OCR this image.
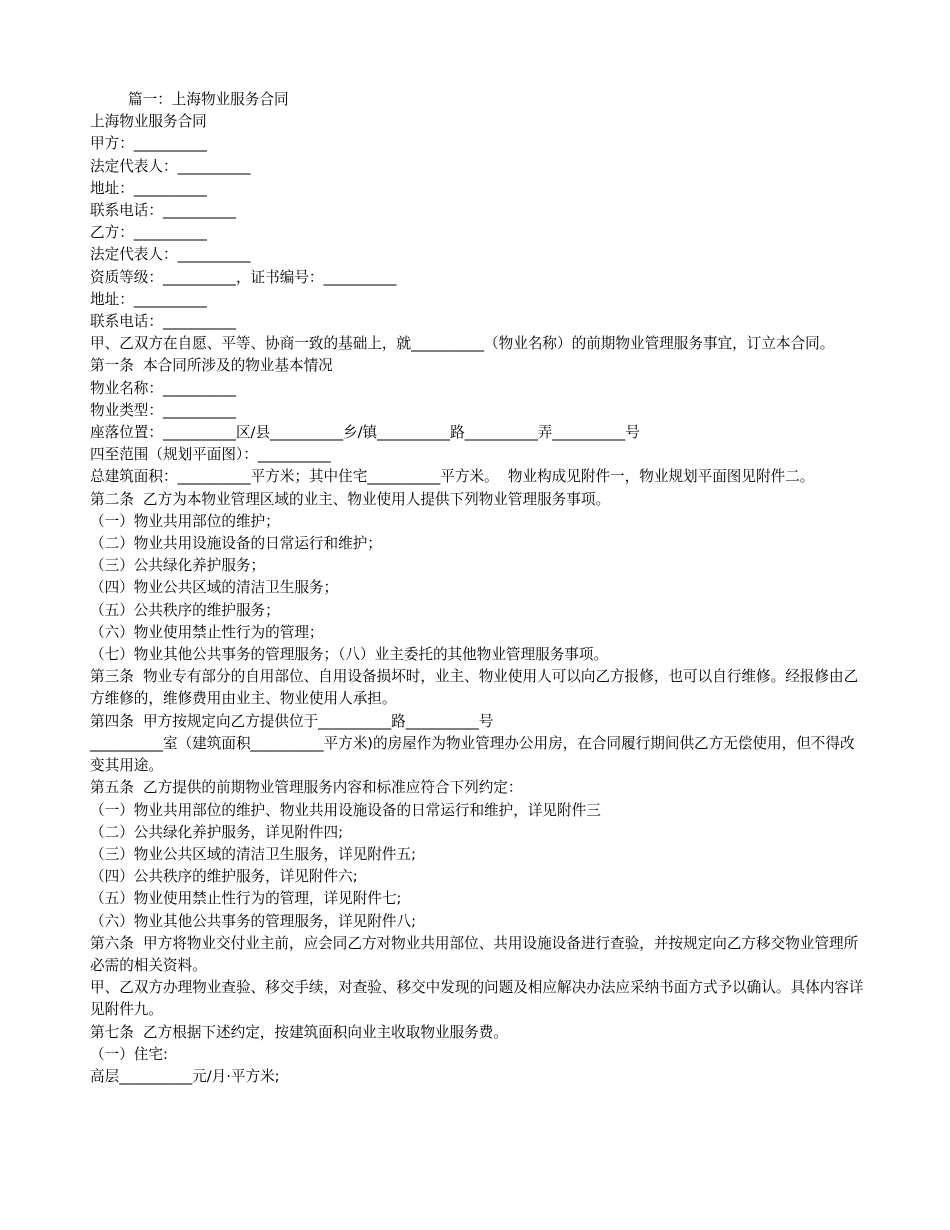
篇一：上海物业服务合同
上海物业服务合同
甲方：__________
法定代表人：__________
地址：__________
联系电话：__________
乙方：__________
法定代表人：__________
资质等级：__________，证书编号：__________
地址：__________
联系电话：__________
甲、乙双方在自愿、平等、协商一致的基础上，就__________（物业名称）的前期物业管理服务事宜，订立本合同。
第一条  本合同所涉及的物业基本情况
物业名称：__________
物业类型：__________
座落位置：__________区/县__________乡/镇__________路__________弄__________号
四至范围（规划平面图）：__________
总建筑面积：__________平方米；其中住宅__________平方米。  物业构成见附件一，物业规划平面图见附件二。
第二条  乙方为本物业管理区域的业主、物业使用人提供下列物业管理服务事项。
（一）物业共用部位的维护；
（二）物业共用设施设备的日常运行和维护；
（三）公共绿化养护服务；
（四）物业公共区域的清洁卫生服务；
（五）公共秩序的维护服务；
（六）物业使用禁止性行为的管理；
（七）物业其他公共事务的管理服务；（八）业主委托的其他物业管理服务事项。
第三条  物业专有部分的自用部位、自用设备损坏时，业主、物业使用人可以向乙方报修，也可以自行维修。经报修由乙方维修的，维修费用由业主、物业使用人承担。
第四条  甲方按规定向乙方提供位于__________路__________号
__________室（建筑面积__________平方米)的房屋作为物业管理办公用房，在合同履行期间供乙方无偿使用，但不得改变其用途。
第五条  乙方提供的前期物业管理服务内容和标准应符合下列约定：
（一）物业共用部位的维护、物业共用设施设备的日常运行和维护，详见附件三
（二）公共绿化养护服务，详见附件四;
（三）物业公共区域的清洁卫生服务，详见附件五;
（四）公共秩序的维护服务，详见附件六;
（五）物业使用禁止性行为的管理，详见附件七;
（六）物业其他公共事务的管理服务，详见附件八;
第六条  甲方将物业交付业主前，应会同乙方对物业共用部位、共用设施设备进行查验，并按规定向乙方移交物业管理所必需的相关资料。
甲、乙双方办理物业查验、移交手续，对查验、移交中发现的问题及相应解决办法应采纳书面方式予以确认。具体内容详见附件九。
第七条  乙方根据下述约定，按建筑面积向业主收取物业服务费。
（一）住宅:
高层__________元/月·平方米;
